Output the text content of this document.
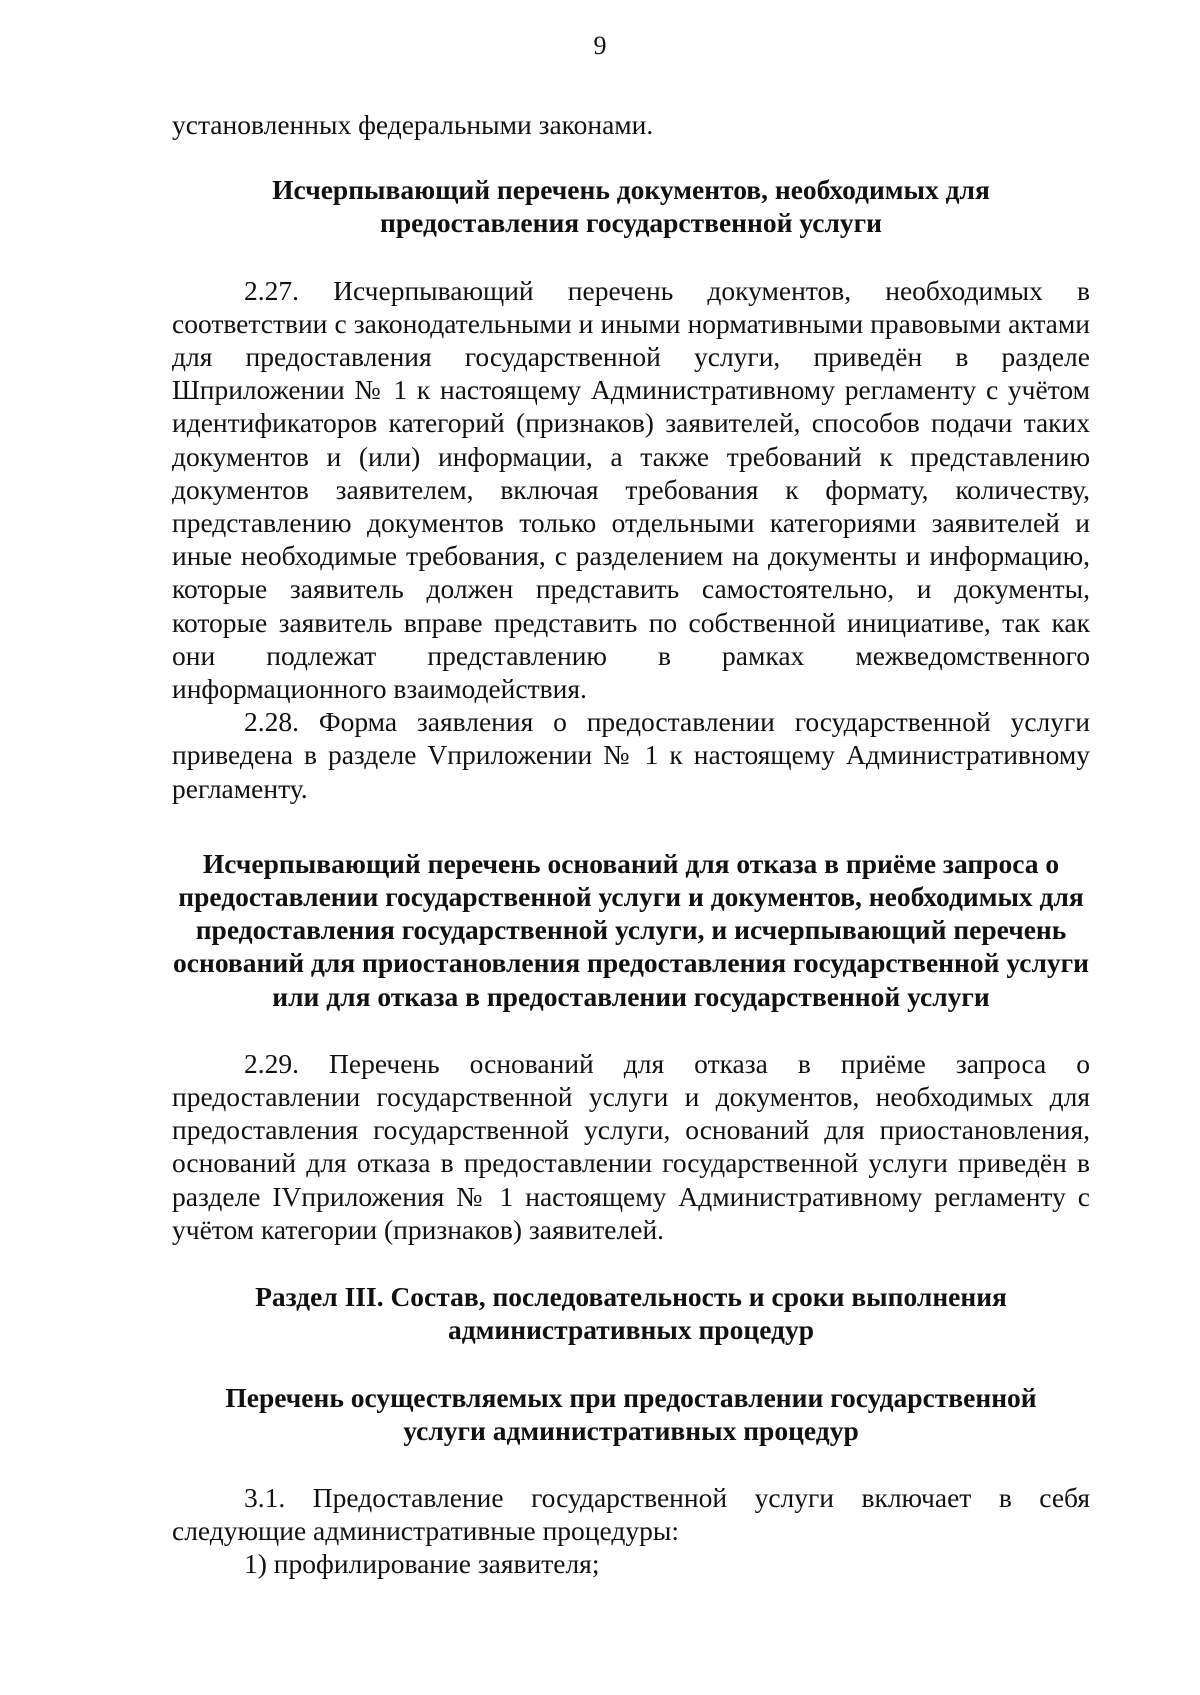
9

установленных федеральными законами.

Исчерпывающий перечень документов, необходимых для предоставления государственной услуги

2.27. Исчерпывающий перечень документов, необходимых в соответствии с законодательными и иными нормативными правовыми актами для предоставления государственной услуги, приведён в разделе Шприложении № 1 к настоящему Административному регламенту с учётом идентификаторов категорий (признаков) заявителей, способов подачи таких документов и (или) информации, а также требований к представлению документов заявителем, включая требования к формату, количеству, представлению документов только отдельными категориями заявителей и иные необходимые требования, с разделением на документы и информацию, которые заявитель должен представить самостоятельно, и документы, которые заявитель вправе представить по собственной инициативе, так как они подлежат представлению в рамках межведомственного информационного взаимодействия.

2.28. Форма заявления о предоставлении государственной услуги приведена в разделе Vприложении № 1 к настоящему Административному регламенту.

Исчерпывающий перечень оснований для отказа в приёме запроса о предоставлении государственной услуги и документов, необходимых для предоставления государственной услуги, и исчерпывающий перечень оснований для приостановления предоставления государственной услуги или для отказа в предоставлении государственной услуги

2.29. Перечень оснований для отказа в приёме запроса о предоставлении государственной услуги и документов, необходимых для предоставления государственной услуги, оснований для приостановления, оснований для отказа в предоставлении государственной услуги приведён в разделе IVприложения № 1 настоящему Административному регламенту с учётом категории (признаков) заявителей.

Раздел III. Состав, последовательность и сроки выполнения административных процедур

Перечень осуществляемых при предоставлении государственной услуги административных процедур

3.1. Предоставление государственной услуги включает в себя следующие административные процедуры:

1) профилирование заявителя;
